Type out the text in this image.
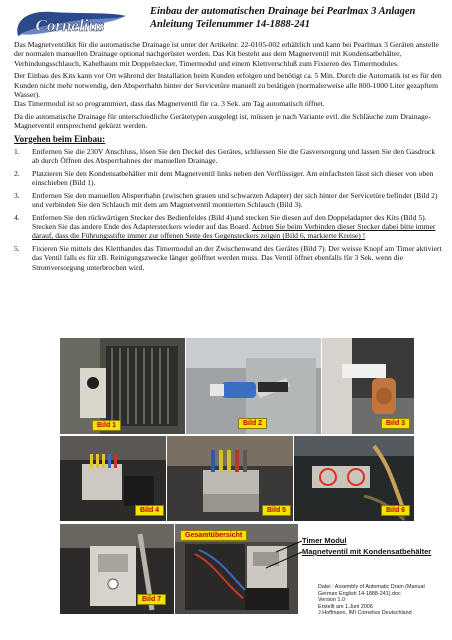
Cornelius
Einbau der automatischen Drainage bei Pearlmax 3 Anlagen
Anleitung Teilenummer 14-1888-241

Das Magnetventilkit für die automatische Drainage ist unter der Artikelnr. 22-0105-002 erhältlich und kann bei Pearlmax 3 Geräten anstelle der normalen manuellen Drainage optional nachgerüstet werden. Das Kit besteht aus dem Magnetventil mit Kondensatbehälter, Verbindungsschlauch, Kabelbaum mit Doppelstecker, Timermodul und einem Klettverschluß zum Fixieren des Timermodules.

Der Einbau des Kits kann vor Ort während der Installation beim Kunden erfolgen und benötigt ca. 5 Min. Durch die Automatik ist es für den Kunden nicht mehr notwendig, den Absperrhahn hinter der Servicetüre manuell zu betätigen (normalerweise alle 800-1000 Liter gezapftem Wasser).

Das Timermodul ist so programmiert, dass das Magnetventil für ca. 3 Sek. am Tag automatisch öffnet.

Da die automatische Drainage für unterschiedliche Gerätetypen ausgelegt ist, müssen je nach Variante evtl. die Schläuche zum Drainage-Magnetventil entsprechend gekürzt werden.

Vorgehen beim Einbau:
1. Entfernen Sie die 230V Anschluss, lösen Sie den Deckel des Gerätes, schliessen Sie die Gasversorgung und lassen Sie den Gasdruck ab durch Öffnen des Absperrhahnes der manuellen Drainage.
2. Platzieren Sie den Kondensatbehälter mit dem Magnetventil links neben den Verflüssiger. Am einfachsten lässt sich dieser von oben einschieben (Bild 1).
3. Entfernen Sie den manuellen Absperrhahn (zwischen grauen und schwarzen Adapter) der sich hinter der Servicetüre befindet (Bild 2) und verbinden Sie den Schlauch mit dem am Magnetventil montierten Schlauch (Bild 3).
4. Entfernen Sie den rückwärtigen Stecker des Bedienfeldes (Bild 4)und stecken Sie diesen auf den Doppeladapter des Kits (Bild 5). Stecken Sie das andere Ende des Adaptersteckers wieder auf das Board. Achten Sie beim Verbinden dieser Stecker dabei bitte immer darauf, dass die Führungsstifte immer zur offenen Seite des Gegensteckers zeigen (Bild 6, markierte Kreise) !
5. Fixieren Sie mittels des Klettbandes das Timermodul an der Zwischenwand des Gerätes (Bild 7). Der weisse Knopf am Timer aktiviert das Ventil falls es für zB. Reinigungszwecke länger geöffnet werden muss. Das Ventil öffnet ebenfalls für 3 Sek. wenn die Stromversorgung unterbrochen wird.
Bild 1	Bild 2	Bild 3
Bild 4	Bild 5	Bild 6
Bild 7
Gesamtübersicht
Timer Modul
Magnetventil mit Kondensatbehälter
Datei : Assembly of Automatic Drain (Manual
German English 14-1888-241).doc
Version 1.0
Erstellt am 1.Juni 2006
J.Hoffmann, IMI Cornelius Deutschland
